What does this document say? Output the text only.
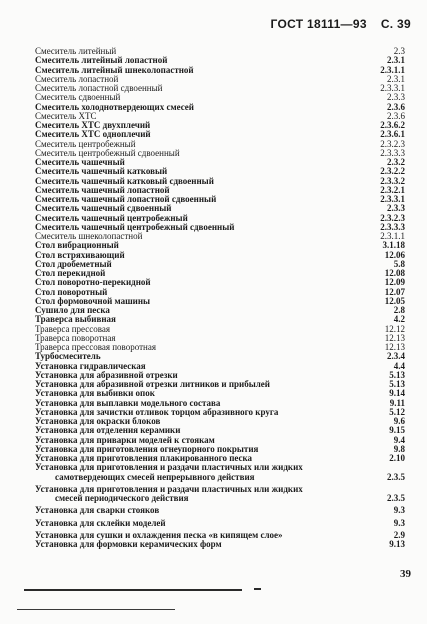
ГОСТ 18111—93 С. 39
Смеситель литейный	2.3
Смеситель литейный лопастной	2.3.1
Смеситель литейный шнеколопастной	2.3.1.1
Смеситель лопастной	2.3.1
Смеситель лопастной сдвоенный	2.3.3.1
Смеситель сдвоенный	2.3.3
Смеситель холоднотвердеющих смесей	2.3.6
Смеситель ХТС	2.3.6
Смеситель ХТС двухплечий	2.3.6.2
Смеситель ХТС одноплечий	2.3.6.1
Смеситель центробежный	2.3.2.3
Смеситель центробежный сдвоенный	2.3.3.3
Смеситель чашечный	2.3.2
Смеситель чашечный катковый	2.3.2.2
Смеситель чашечный катковый сдвоенный	2.3.3.2
Смеситель чашечный лопастной	2.3.2.1
Смеситель чашечный лопастной сдвоенный	2.3.3.1
Смеситель чашечный сдвоенный	2.3.3
Смеситель чашечный центробежный	2.3.2.3
Смеситель чашечный центробежный сдвоенный	2.3.3.3
Смеситель шнеколопастной	2.3.1.1
Стол вибрационный	3.1.18
Стол встряхивающий	12.06
Стол дробеметный	5.8
Стол перекидной	12.08
Стол поворотно-перекидной	12.09
Стол поворотный	12.07
Стол формовочной машины	12.05
Сушило для песка	2.8
Траверса выбивная	4.2
Траверса прессовая	12.12
Траверса поворотная	12.13
Траверса прессовая поворотная	12.13
Турбосмеситель	2.3.4
Установка гидравлическая	4.4
Установка для абразивной отрезки	5.13
Установка для абразивной отрезки литников и прибылей	5.13
Установка для выбивки опок	9.14
Установка для выплавки модельного состава	9.11
Установка для зачистки отливок торцом абразивного круга	5.12
Установка для окраски блоков	9.6
Установка для отделения керамики	9.15
Установка для приварки моделей к стоякам	9.4
Установка для приготовления огнеупорного покрытия	9.8
Установка для приготовления плакированного песка	2.10
Установка для приготовления и раздачи пластичных или жидких
самотвердеющих смесей непрерывного действия	2.3.5
Установка для приготовления и раздачи пластичных или жидких
смесей периодического действия	2.3.5
Установка для сварки стояков	9.3
Установка для склейки моделей	9.3
Установка для сушки и охлаждения песка «в кипящем слое»	2.9
Установка для формовки керамических форм	9.13
39
